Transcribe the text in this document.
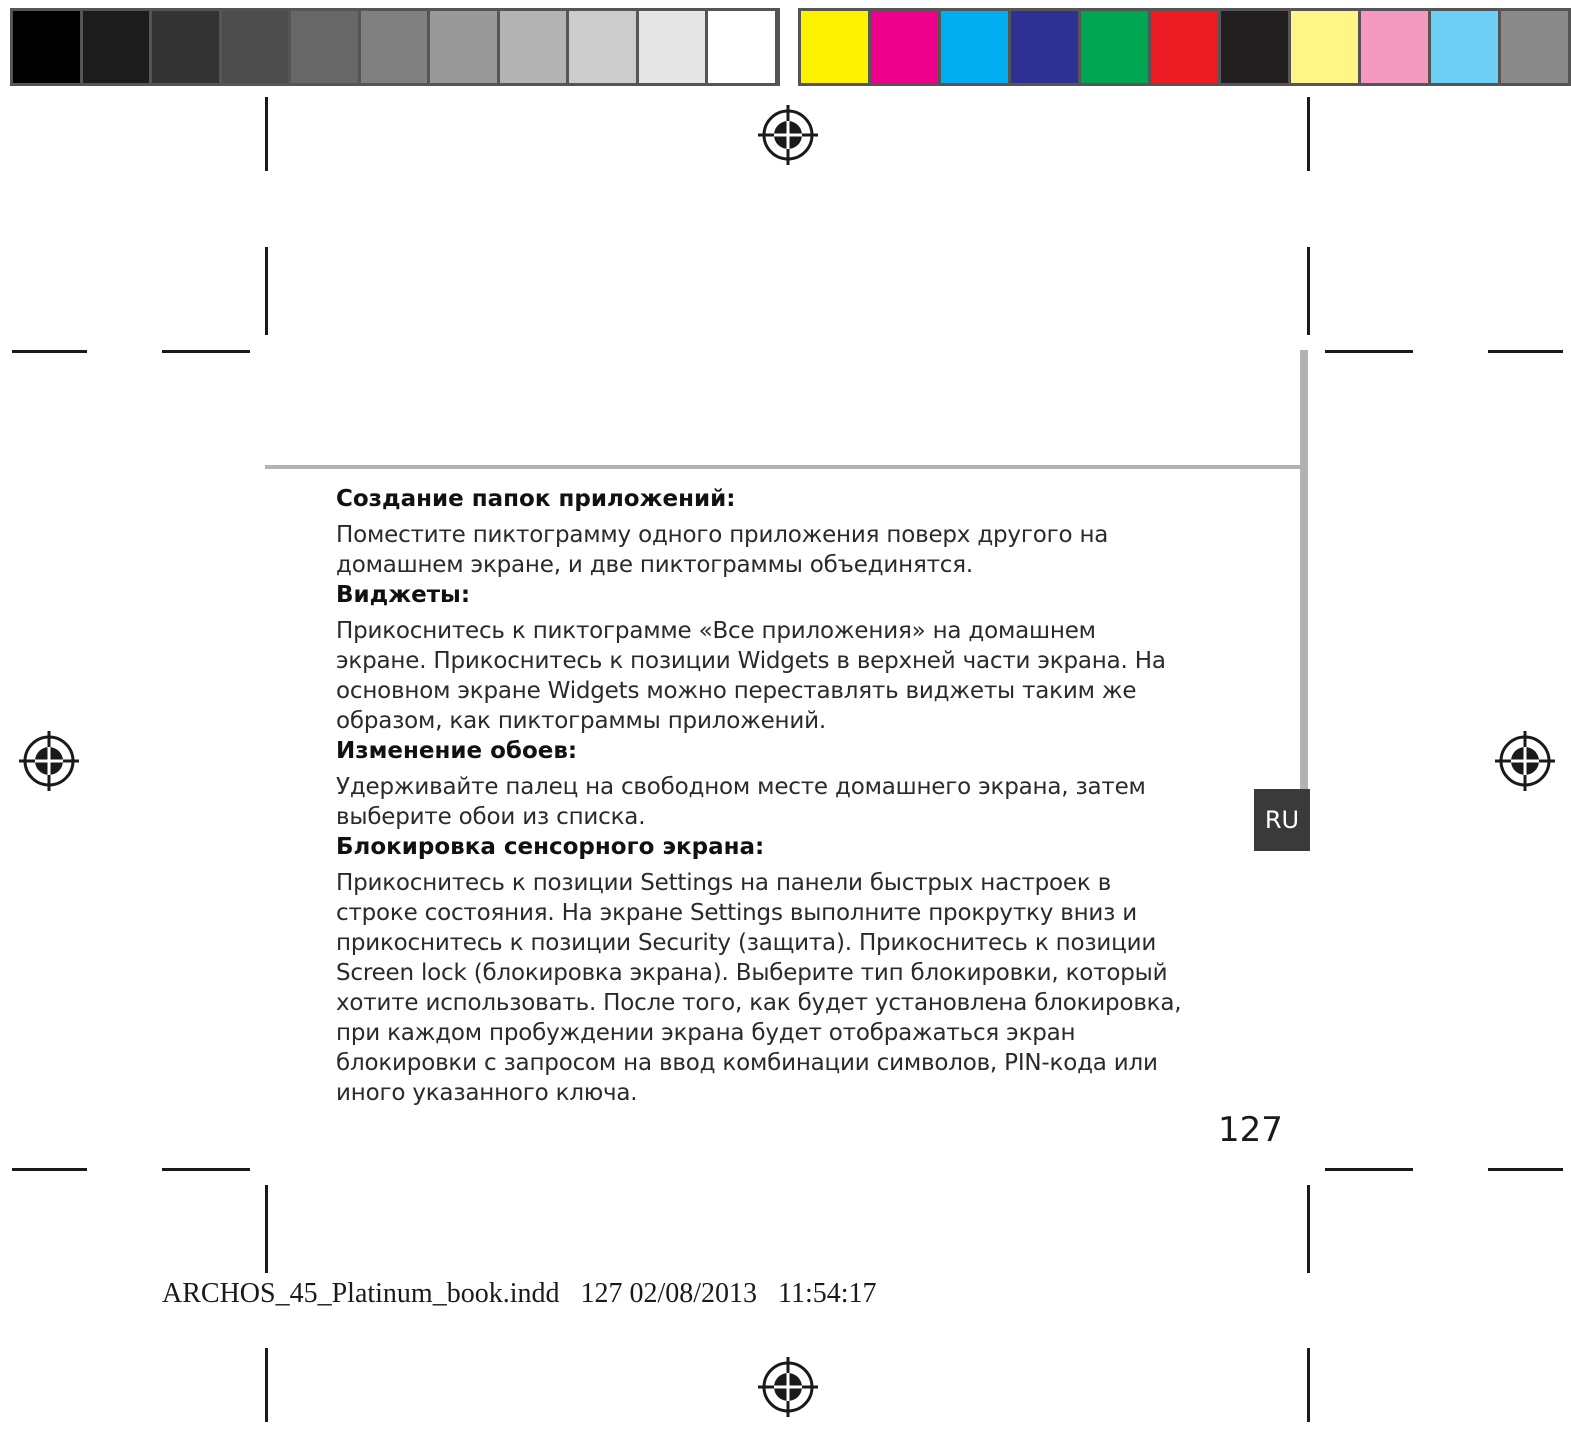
RU
Создание папок приложений:

Поместите пиктограмму одного приложения поверх другого на

домашнем экране, и две пиктограммы объединятся.

Виджеты:

Прикоснитесь к пиктограмме «Все приложения» на домашнем

экране. Прикоснитесь к позиции Widgets в верхней части экрана. На

основном экране Widgets можно переставлять виджеты таким же

образом, как пиктограммы приложений.

Изменение обоев:

Удерживайте палец на свободном месте домашнего экрана, затем

выберите обои из списка.

Блокировка сенсорного экрана:

Прикоснитесь к позиции Settings на панели быстрых настроек в

строке состояния. На экране Settings выполните прокрутку вниз и

прикоснитесь к позиции Security (защита). Прикоснитесь к позиции

Screen lock (блокировка экрана). Выберите тип блокировки, который

хотите использовать. После того, как будет установлена блокировка,

при каждом пробуждении экрана будет отображаться экран

блокировки с запросом на ввод комбинации символов, PIN-кода или

иного указанного ключа.

127
ARCHOS_45_Platinum_book.indd   127 02/08/2013   11:54:17
